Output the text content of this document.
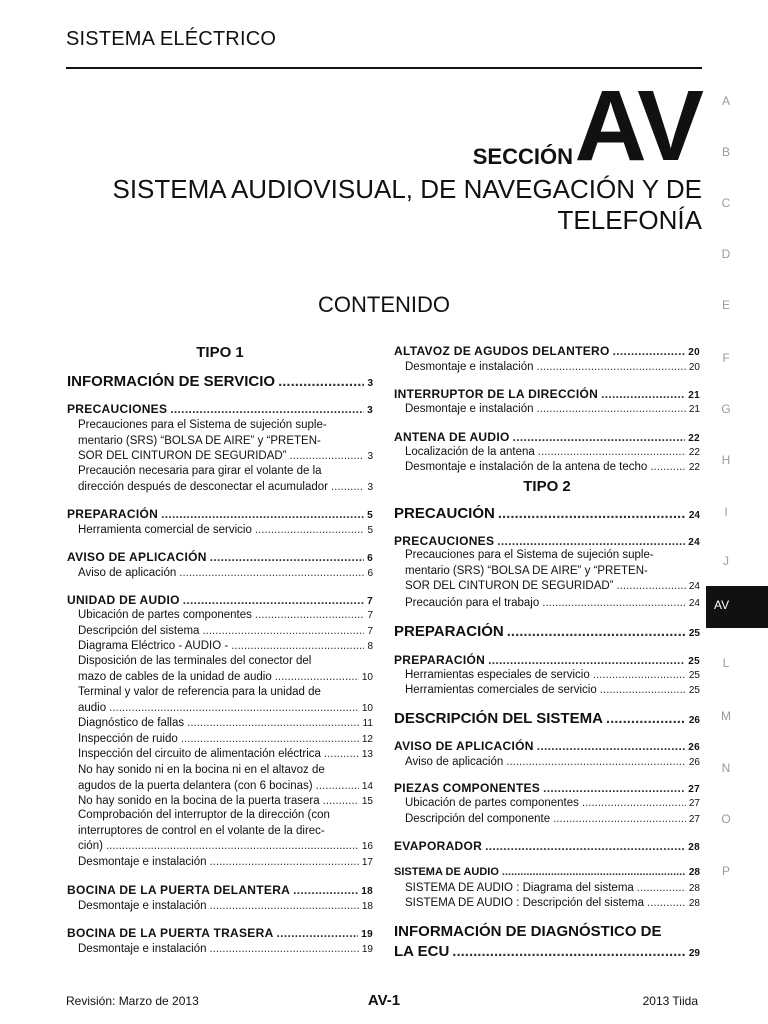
SISTEMA ELÉCTRICO
A
B
C
D
E
F
G
H
I
J
L
M
N
O
P
AV
SECCIÓN AV
SISTEMA AUDIOVISUAL, DE NAVEGACIÓN Y DE
TELEFONÍA
CONTENIDO
TIPO 1
INFORMACIÓN DE SERVICIO .....	3
PRECAUCIONES .....	3
Precauciones para el Sistema de sujeción suple-
mentario (SRS) “BOLSA DE AIRE” y “PRETEN-
SOR DEL CINTURÓN DE SEGURIDAD” .....	3
Precaución necesaria para girar el volante de la
dirección después de desconectar el acumulador .....	3
PREPARACIÓN .....	5
Herramienta comercial de servicio .....	5
AVISO DE APLICACIÓN .....	6
Aviso de aplicación .....	6
UNIDAD DE AUDIO .....	7
Ubicación de partes componentes .....	7
Descripción del sistema .....	7
Diagrama Eléctrico - AUDIO - .....	8
Disposición de las terminales del conector del
mazo de cables de la unidad de audio .....	10
Terminal y valor de referencia para la unidad de
audio .....	10
Diagnóstico de fallas .....	11
Inspección de ruido .....	12
Inspección del circuito de alimentación eléctrica .....	13
No hay sonido ni en la bocina ni en el altavoz de
agudos de la puerta delantera (con 6 bocinas) .....	14
No hay sonido en la bocina de la puerta trasera .....	15
Comprobación del interruptor de la dirección (con
interruptores de control en el volante de la direc-
ción) .....	16
Desmontaje e instalación .....	17
BOCINA DE LA PUERTA DELANTERA .....	18
Desmontaje e instalación .....	18
BOCINA DE LA PUERTA TRASERA .....	19
Desmontaje e instalación .....	19
ALTAVOZ DE AGUDOS DELANTERO .....	20
Desmontaje e instalación .....	20
INTERRUPTOR DE LA DIRECCIÓN .....	21
Desmontaje e instalación .....	21
ANTENA DE AUDIO .....	22
Localización de la antena .....	22
Desmontaje e instalación de la antena de techo .....	22
TIPO 2
PRECAUCIÓN .....	24
PRECAUCIONES .....	24
Precauciones para el Sistema de sujeción suple-
mentario (SRS) “BOLSA DE AIRE” y “PRETEN-
SOR DEL CINTURÓN DE SEGURIDAD” .....	24
Precaución para el trabajo .....	24
PREPARACIÓN .....	25
PREPARACIÓN .....	25
Herramientas especiales de servicio .....	25
Herramientas comerciales de servicio .....	25
DESCRIPCIÓN DEL SISTEMA .....	26
AVISO DE APLICACIÓN .....	26
Aviso de aplicación .....	26
PIEZAS COMPONENTES .....	27
Ubicación de partes componentes .....	27
Descripción del componente .....	27
EVAPORADOR .....	28
SISTEMA DE AUDIO .....	28
SISTEMA DE AUDIO : Diagrama del sistema .....	28
SISTEMA DE AUDIO : Descripción del sistema .....	28
INFORMACIÓN DE DIAGNÓSTICO DE
LA ECU .....	29
Revisión: Marzo de 2013	AV-1	2013 Tiida
